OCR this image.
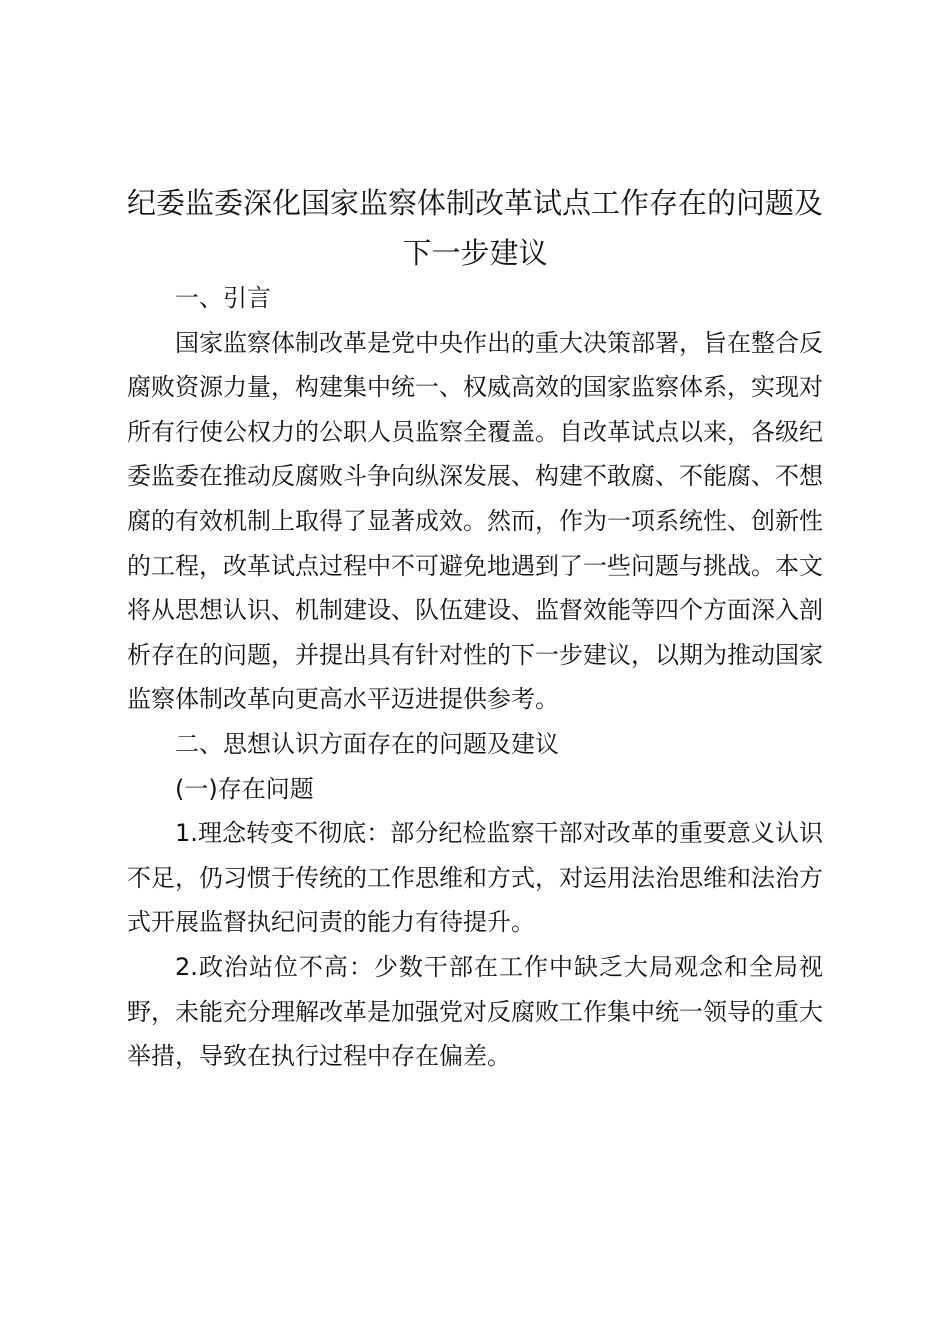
纪委监委深化国家监察体制改革试点工作存在的问题及下一步建议

一、引言

国家监察体制改革是党中央作出的重大决策部署，旨在整合反腐败资源力量，构建集中统一、权威高效的国家监察体系，实现对所有行使公权力的公职人员监察全覆盖。自改革试点以来，各级纪委监委在推动反腐败斗争向纵深发展、构建不敢腐、不能腐、不想腐的有效机制上取得了显著成效。然而，作为一项系统性、创新性的工程，改革试点过程中不可避免地遇到了一些问题与挑战。本文将从思想认识、机制建设、队伍建设、监督效能等四个方面深入剖析存在的问题，并提出具有针对性的下一步建议，以期为推动国家监察体制改革向更高水平迈进提供参考。

二、思想认识方面存在的问题及建议

(一)存在问题

1.理念转变不彻底：部分纪检监察干部对改革的重要意义认识不足，仍习惯于传统的工作思维和方式，对运用法治思维和法治方式开展监督执纪问责的能力有待提升。

2.政治站位不高：少数干部在工作中缺乏大局观念和全局视野，未能充分理解改革是加强党对反腐败工作集中统一领导的重大举措，导致在执行过程中存在偏差。
